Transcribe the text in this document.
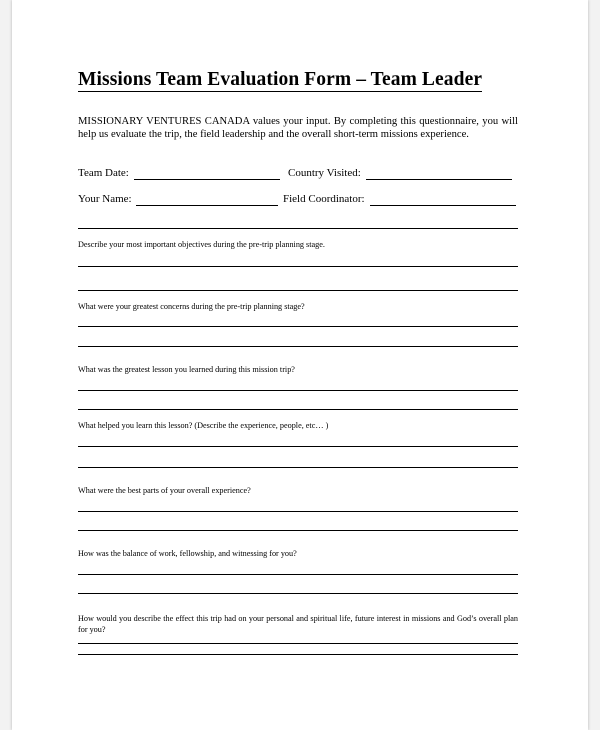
Missions Team Evaluation Form – Team Leader
MISSIONARY VENTURES CANADA values your input. By completing this questionnaire, you will help us evaluate the trip, the field leadership and the overall short-term missions experience.
Team Date:	Country Visited:
Your Name:	Field Coordinator:
Describe your most important objectives during the pre-trip planning stage.
What were your greatest concerns during the pre-trip planning stage?
What was the greatest lesson you learned during this mission trip?
What helped you learn this lesson? (Describe the experience, people, etc… )
What were the best parts of your overall experience?
How was the balance of work, fellowship, and witnessing for you?
How would you describe the effect this trip had on your personal and spiritual life, future interest in missions and God’s overall plan for you?
